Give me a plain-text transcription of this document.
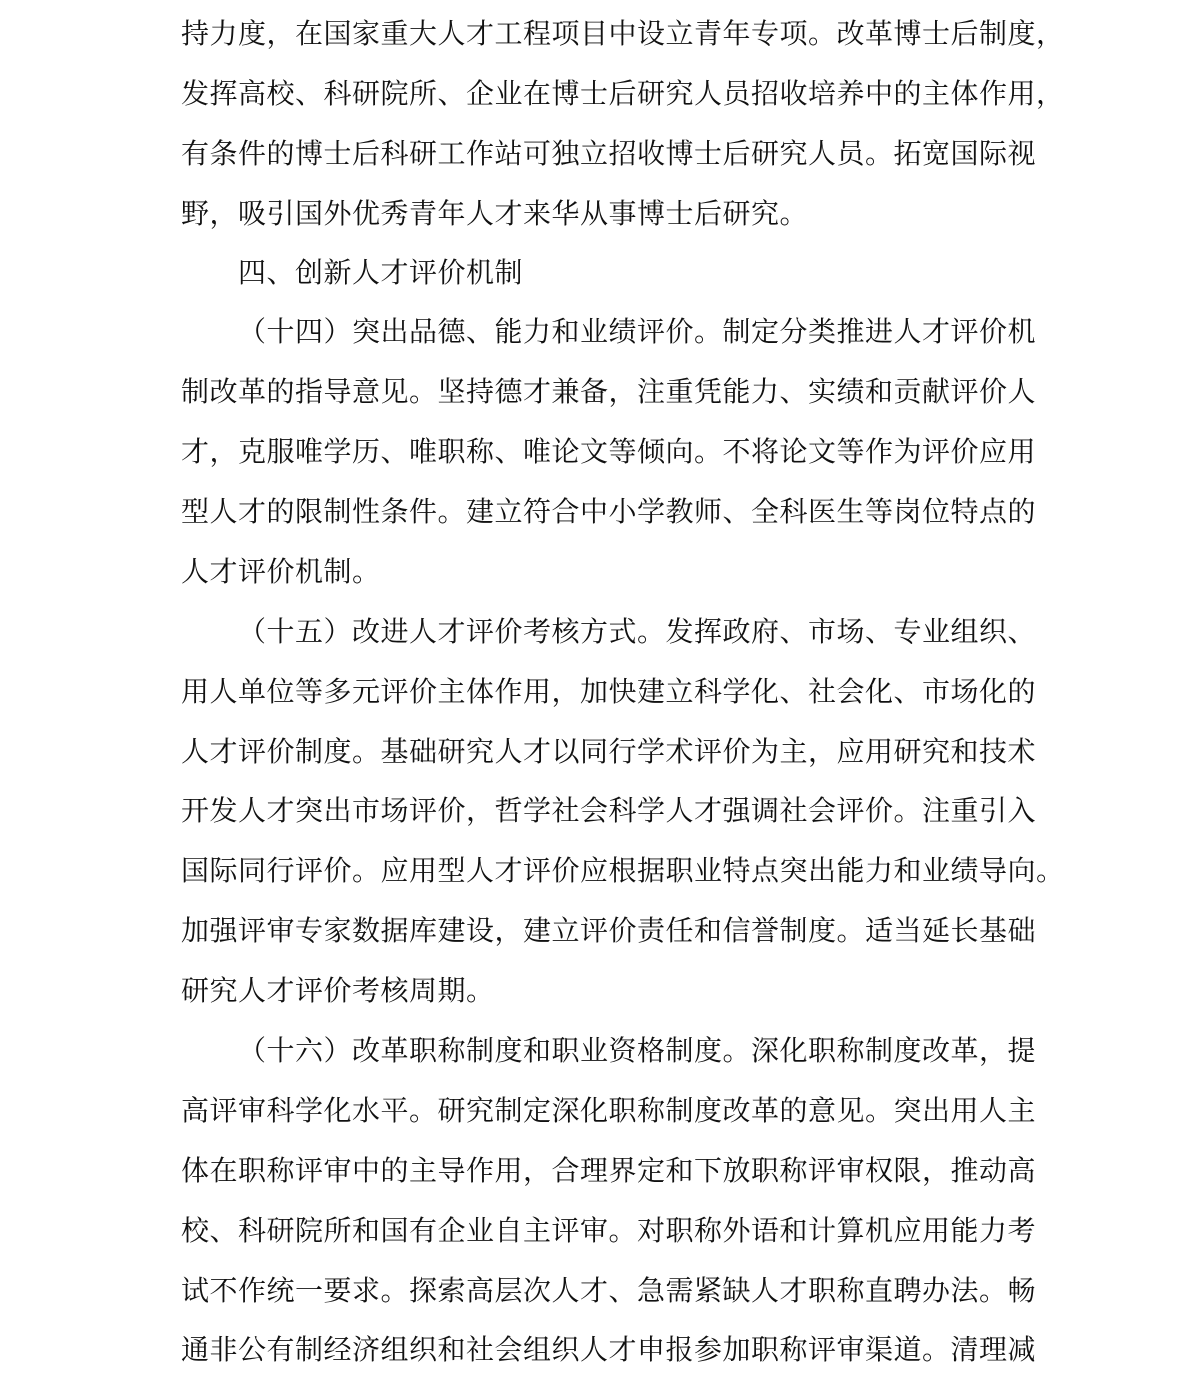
持力度，在国家重大人才工程项目中设立青年专项。改革博士后制度，
发挥高校、科研院所、企业在博士后研究人员招收培养中的主体作用，
有条件的博士后科研工作站可独立招收博士后研究人员。拓宽国际视
野，吸引国外优秀青年人才来华从事博士后研究。
四、创新人才评价机制
（十四）突出品德、能力和业绩评价。制定分类推进人才评价机
制改革的指导意见。坚持德才兼备，注重凭能力、实绩和贡献评价人
才，克服唯学历、唯职称、唯论文等倾向。不将论文等作为评价应用
型人才的限制性条件。建立符合中小学教师、全科医生等岗位特点的
人才评价机制。
（十五）改进人才评价考核方式。发挥政府、市场、专业组织、
用人单位等多元评价主体作用，加快建立科学化、社会化、市场化的
人才评价制度。基础研究人才以同行学术评价为主，应用研究和技术
开发人才突出市场评价，哲学社会科学人才强调社会评价。注重引入
国际同行评价。应用型人才评价应根据职业特点突出能力和业绩导向。
加强评审专家数据库建设，建立评价责任和信誉制度。适当延长基础
研究人才评价考核周期。
（十六）改革职称制度和职业资格制度。深化职称制度改革，提
高评审科学化水平。研究制定深化职称制度改革的意见。突出用人主
体在职称评审中的主导作用，合理界定和下放职称评审权限，推动高
校、科研院所和国有企业自主评审。对职称外语和计算机应用能力考
试不作统一要求。探索高层次人才、急需紧缺人才职称直聘办法。畅
通非公有制经济组织和社会组织人才申报参加职称评审渠道。清理减
